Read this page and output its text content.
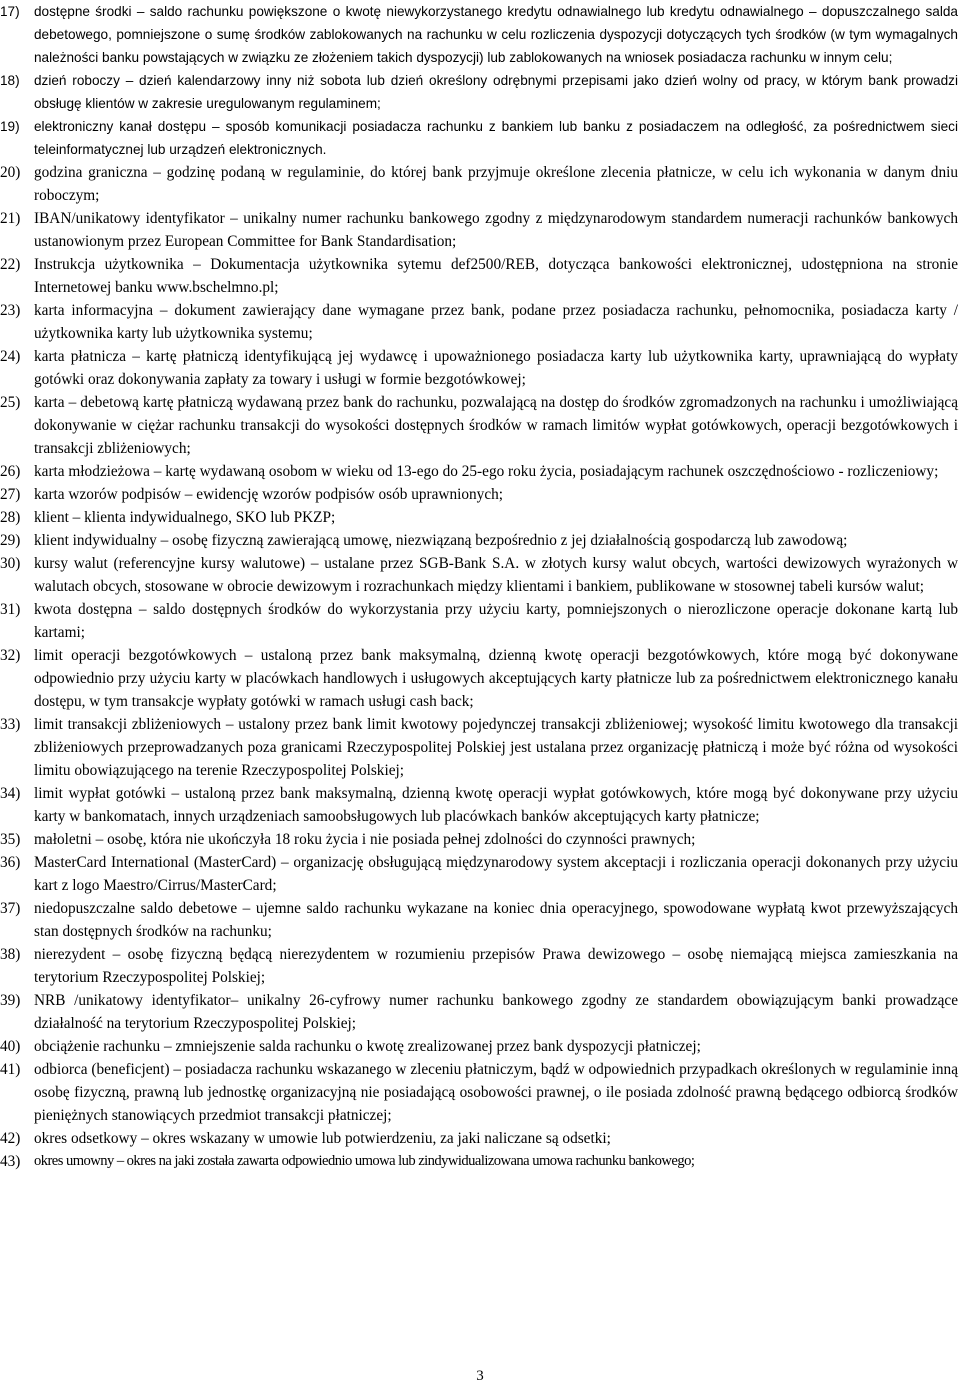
17)	dostępne środki – saldo rachunku powiększone o kwotę niewykorzystanego kredytu odnawialnego lub kredytu odnawialnego – dopuszczalnego salda debetowego, pomniejszone o sumę środków zablokowanych na rachunku w celu rozliczenia dyspozycji dotyczących tych środków (w tym wymagalnych należności banku powstających w związku ze złożeniem takich dyspozycji) lub zablokowanych na wniosek posiadacza rachunku w innym celu;
18)	dzień roboczy – dzień kalendarzowy inny niż sobota lub dzień określony odrębnymi przepisami jako dzień wolny od pracy, w którym bank prowadzi obsługę klientów w zakresie uregulowanym regulaminem;
19)	elektroniczny kanał dostępu – sposób komunikacji posiadacza rachunku z bankiem lub banku z posiadaczem na odległość, za pośrednictwem sieci teleinformatycznej lub urządzeń elektronicznych.
20) godzina graniczna – godzinę podaną w regulaminie, do której bank przyjmuje określone zlecenia płatnicze, w celu ich wykonania w danym dniu roboczym;
21) IBAN/unikatowy identyfikator – unikalny numer rachunku bankowego zgodny z międzynarodowym standardem numeracji rachunków bankowych ustanowionym przez European Committee for Bank Standardisation;
22) Instrukcja użytkownika – Dokumentacja użytkownika sytemu def2500/REB, dotycząca bankowości elektronicznej, udostępniona na stronie Internetowej banku www.bschelmno.pl;
23) karta informacyjna – dokument zawierający dane wymagane przez bank, podane przez posiadacza rachunku, pełnomocnika, posiadacza karty / użytkownika karty lub użytkownika systemu;
24) karta płatnicza – kartę płatniczą identyfikującą jej wydawcę i upoważnionego posiadacza karty lub użytkownika karty, uprawniającą do wypłaty gotówki oraz dokonywania zapłaty za towary i usługi w formie bezgotówkowej;
25) karta – debetową kartę płatniczą wydawaną przez bank do rachunku, pozwalającą na dostęp do środków zgromadzonych na rachunku i umożliwiającą dokonywanie w ciężar rachunku transakcji do wysokości dostępnych środków w ramach limitów wypłat gotówkowych, operacji bezgotówkowych i transakcji zbliżeniowych;
26) karta młodzieżowa – kartę wydawaną osobom w wieku od 13-ego do 25-ego roku życia, posiadającym rachunek oszczędnościowo - rozliczeniowy;
27) karta wzorów podpisów – ewidencję wzorów podpisów osób uprawnionych;
28) klient – klienta indywidualnego, SKO lub PKZP;
29) klient indywidualny – osobę fizyczną zawierającą umowę, niezwiązaną bezpośrednio z jej działalnością gospodarczą lub zawodową;
30) kursy walut (referencyjne kursy walutowe) – ustalane przez SGB-Bank S.A. w złotych kursy walut obcych, wartości dewizowych wyrażonych w walutach obcych, stosowane w obrocie dewizowym i rozrachunkach między klientami i bankiem, publikowane w stosownej tabeli kursów walut;
31) kwota dostępna – saldo dostępnych środków do wykorzystania przy użyciu karty, pomniejszonych o nierozliczone operacje dokonane kartą lub kartami;
32) limit operacji bezgotówkowych – ustaloną przez bank maksymalną, dzienną kwotę operacji bezgotówkowych, które mogą być dokonywane odpowiednio przy użyciu karty w placówkach handlowych i usługowych akceptujących karty płatnicze lub za pośrednictwem elektronicznego kanału dostępu, w tym transakcje wypłaty gotówki w ramach usługi cash back;
33) limit transakcji zbliżeniowych – ustalony przez bank limit kwotowy pojedynczej transakcji zbliżeniowej; wysokość limitu kwotowego dla transakcji zbliżeniowych przeprowadzanych poza granicami Rzeczypospolitej Polskiej jest ustalana przez organizację płatniczą i może być różna od wysokości limitu obowiązującego na terenie Rzeczypospolitej Polskiej;
34) limit wypłat gotówki – ustaloną przez bank maksymalną, dzienną kwotę operacji wypłat gotówkowych, które mogą być dokonywane przy użyciu karty w bankomatach, innych urządzeniach samoobsługowych lub placówkach banków akceptujących karty płatnicze;
35) małoletni – osobę, która nie ukończyła 18 roku życia i nie posiada pełnej zdolności do czynności prawnych;
36) MasterCard International (MasterCard) – organizację obsługującą międzynarodowy system akceptacji i rozliczania operacji dokonanych przy użyciu kart z logo Maestro/Cirrus/MasterCard;
37) niedopuszczalne saldo debetowe – ujemne saldo rachunku wykazane na koniec dnia operacyjnego, spowodowane wypłatą kwot przewyższających stan dostępnych środków na rachunku;
38) nierezydent – osobę fizyczną będącą nierezydentem w rozumieniu przepisów Prawa dewizowego – osobę niemającą miejsca zamieszkania na terytorium Rzeczypospolitej Polskiej;
39) NRB /unikatowy identyfikator– unikalny 26-cyfrowy numer rachunku bankowego zgodny ze standardem obowiązującym banki prowadzące działalność na terytorium Rzeczypospolitej Polskiej;
40) obciążenie rachunku – zmniejszenie salda rachunku o kwotę zrealizowanej przez bank dyspozycji płatniczej;
41) odbiorca (beneficjent) – posiadacza rachunku wskazanego w zleceniu płatniczym, bądź w odpowiednich przypadkach określonych w regulaminie inną osobę fizyczną, prawną lub jednostkę organizacyjną nie posiadającą osobowości prawnej, o ile posiada zdolność prawną będącego odbiorcą środków pieniężnych stanowiących przedmiot transakcji płatniczej;
42) okres odsetkowy – okres wskazany w umowie lub potwierdzeniu, za jaki naliczane są odsetki;
43) okres umowny – okres na jaki została zawarta odpowiednio umowa lub zindywidualizowana umowa rachunku bankowego;
3
